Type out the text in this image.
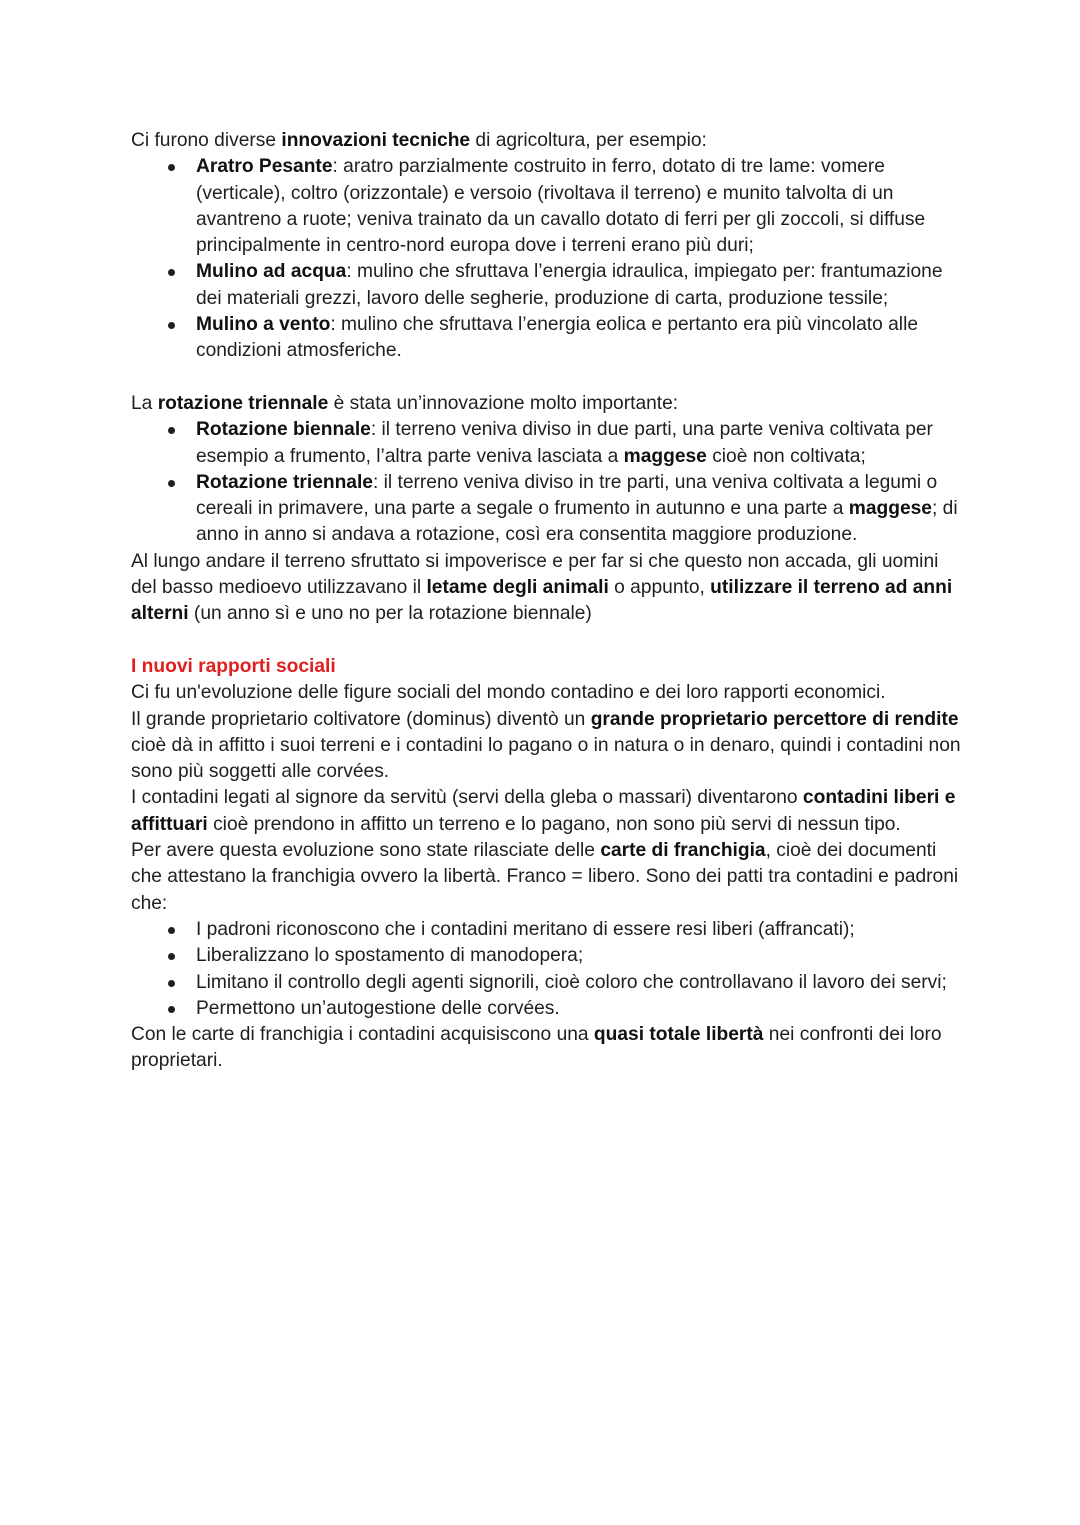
Ci furono diverse innovazioni tecniche di agricoltura, per esempio:

Aratro Pesante: aratro parzialmente costruito in ferro, dotato di tre lame: vomere (verticale), coltro (orizzontale) e versoio (rivoltava il terreno) e munito talvolta di un avantreno a ruote; veniva trainato da un cavallo dotato di ferri per gli zoccoli, si diffuse principalmente in centro-nord europa dove i terreni erano più duri;
Mulino ad acqua: mulino che sfruttava l’energia idraulica, impiegato per: frantumazione dei materiali grezzi, lavoro delle segherie, produzione di carta, produzione tessile;
Mulino a vento: mulino che sfruttava l’energia eolica e pertanto era più vincolato alle condizioni atmosferiche.

La rotazione triennale è stata un’innovazione molto importante:

Rotazione biennale: il terreno veniva diviso in due parti, una parte veniva coltivata per esempio a frumento, l’altra parte veniva lasciata a maggese cioè non coltivata;
Rotazione triennale: il terreno veniva diviso in tre parti, una veniva coltivata a legumi o cereali in primavere, una parte a segale o frumento in autunno e una parte a maggese; di anno in anno si andava a rotazione, così era consentita maggiore produzione.

Al lungo andare il terreno sfruttato si impoverisce e per far si che questo non accada, gli uomini del basso medioevo utilizzavano il letame degli animali o appunto, utilizzare il terreno ad anni alterni (un anno sì e uno no per la rotazione biennale)

I nuovi rapporti sociali

Ci fu un'evoluzione delle figure sociali del mondo contadino e dei loro rapporti economici.

Il grande proprietario coltivatore (dominus) diventò un grande proprietario percettore di rendite cioè dà in affitto i suoi terreni e i contadini lo pagano o in natura o in denaro, quindi i contadini non sono più soggetti alle corvées.

I contadini legati al signore da servitù (servi della gleba o massari) diventarono contadini liberi e affittuari cioè prendono in affitto un terreno e lo pagano, non sono più servi di nessun tipo.

Per avere questa evoluzione sono state rilasciate delle carte di franchigia, cioè dei documenti che attestano la franchigia ovvero la libertà. Franco = libero. Sono dei patti tra contadini e padroni che:

I padroni riconoscono che i contadini meritano di essere resi liberi (affrancati);
Liberalizzano lo spostamento di manodopera;
Limitano il controllo degli agenti signorili, cioè coloro che controllavano il lavoro dei servi;
Permettono un’autogestione delle corvées.

Con le carte di franchigia i contadini acquisiscono una quasi totale libertà nei confronti dei loro proprietari.
